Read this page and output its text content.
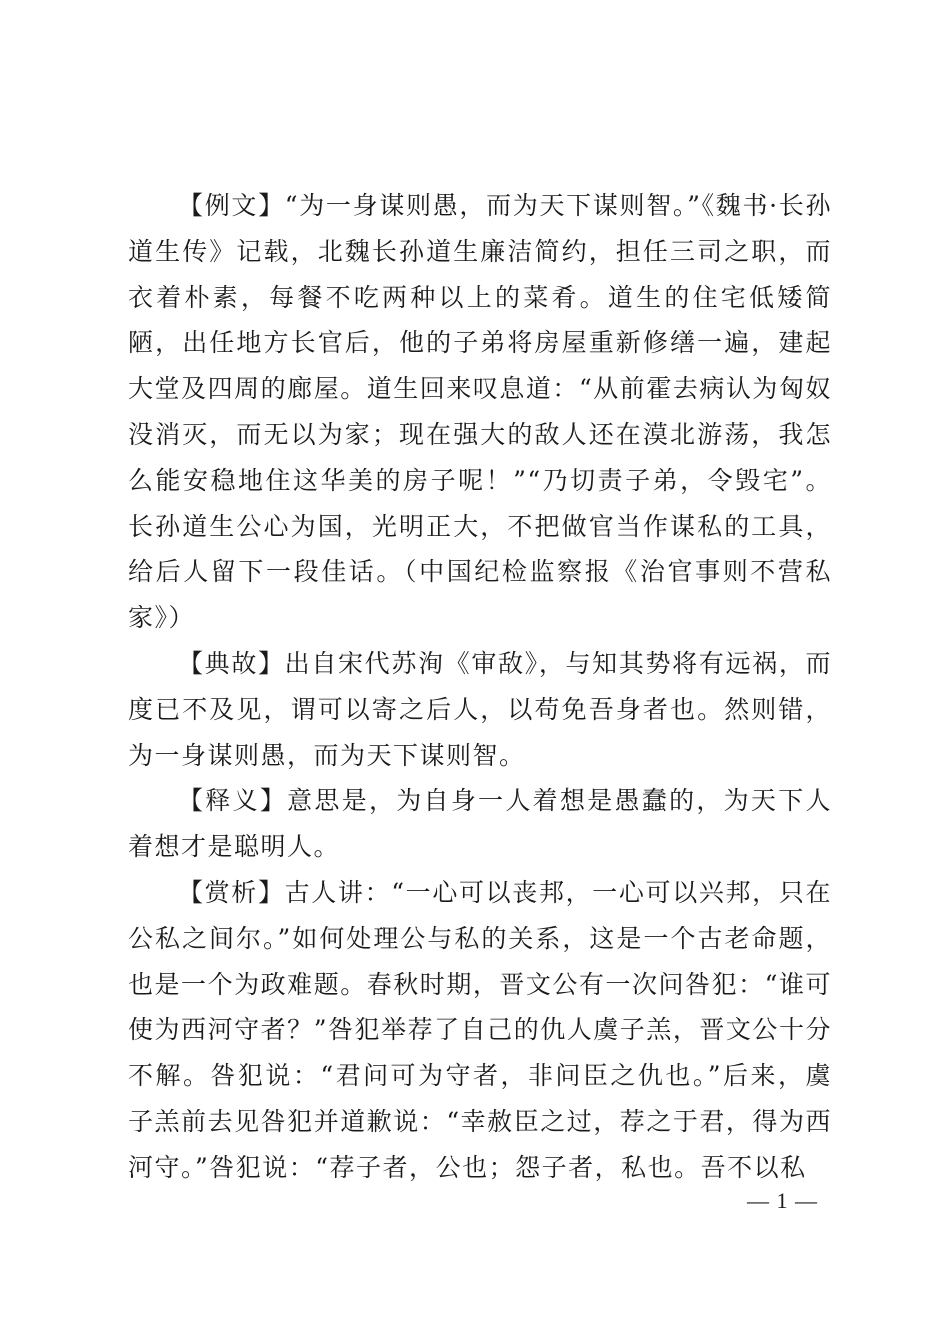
【例文】“为一身谋则愚，而为天下谋则智。”《魏书·长孙道生传》记载，北魏长孙道生廉洁简约，担任三司之职，而衣着朴素，每餐不吃两种以上的菜肴。道生的住宅低矮简陋，出任地方长官后，他的子弟将房屋重新修缮一遍，建起大堂及四周的廊屋。道生回来叹息道：“从前霍去病认为匈奴没消灭，而无以为家；现在强大的敌人还在漠北游荡，我怎么能安稳地住这华美的房子呢！”“乃切责子弟，令毁宅”。长孙道生公心为国，光明正大，不把做官当作谋私的工具，给后人留下一段佳话。（中国纪检监察报《治官事则不营私家》）

【典故】出自宋代苏洵《审敌》，与知其势将有远祸，而度已不及见，谓可以寄之后人，以苟免吾身者也。然则错，为一身谋则愚，而为天下谋则智。

【释义】意思是，为自身一人着想是愚蠢的，为天下人着想才是聪明人。

【赏析】古人讲：“一心可以丧邦，一心可以兴邦，只在公私之间尔。”如何处理公与私的关系，这是一个古老命题，也是一个为政难题。春秋时期，晋文公有一次问咎犯：“谁可使为西河守者？”咎犯举荐了自己的仇人虞子羔，晋文公十分不解。咎犯说：“君问可为守者，非问臣之仇也。”后来，虞子羔前去见咎犯并道歉说：“幸赦臣之过，荐之于君，得为西河守。”咎犯说：“荐子者，公也；怨子者，私也。吾不以私

— 1 —
